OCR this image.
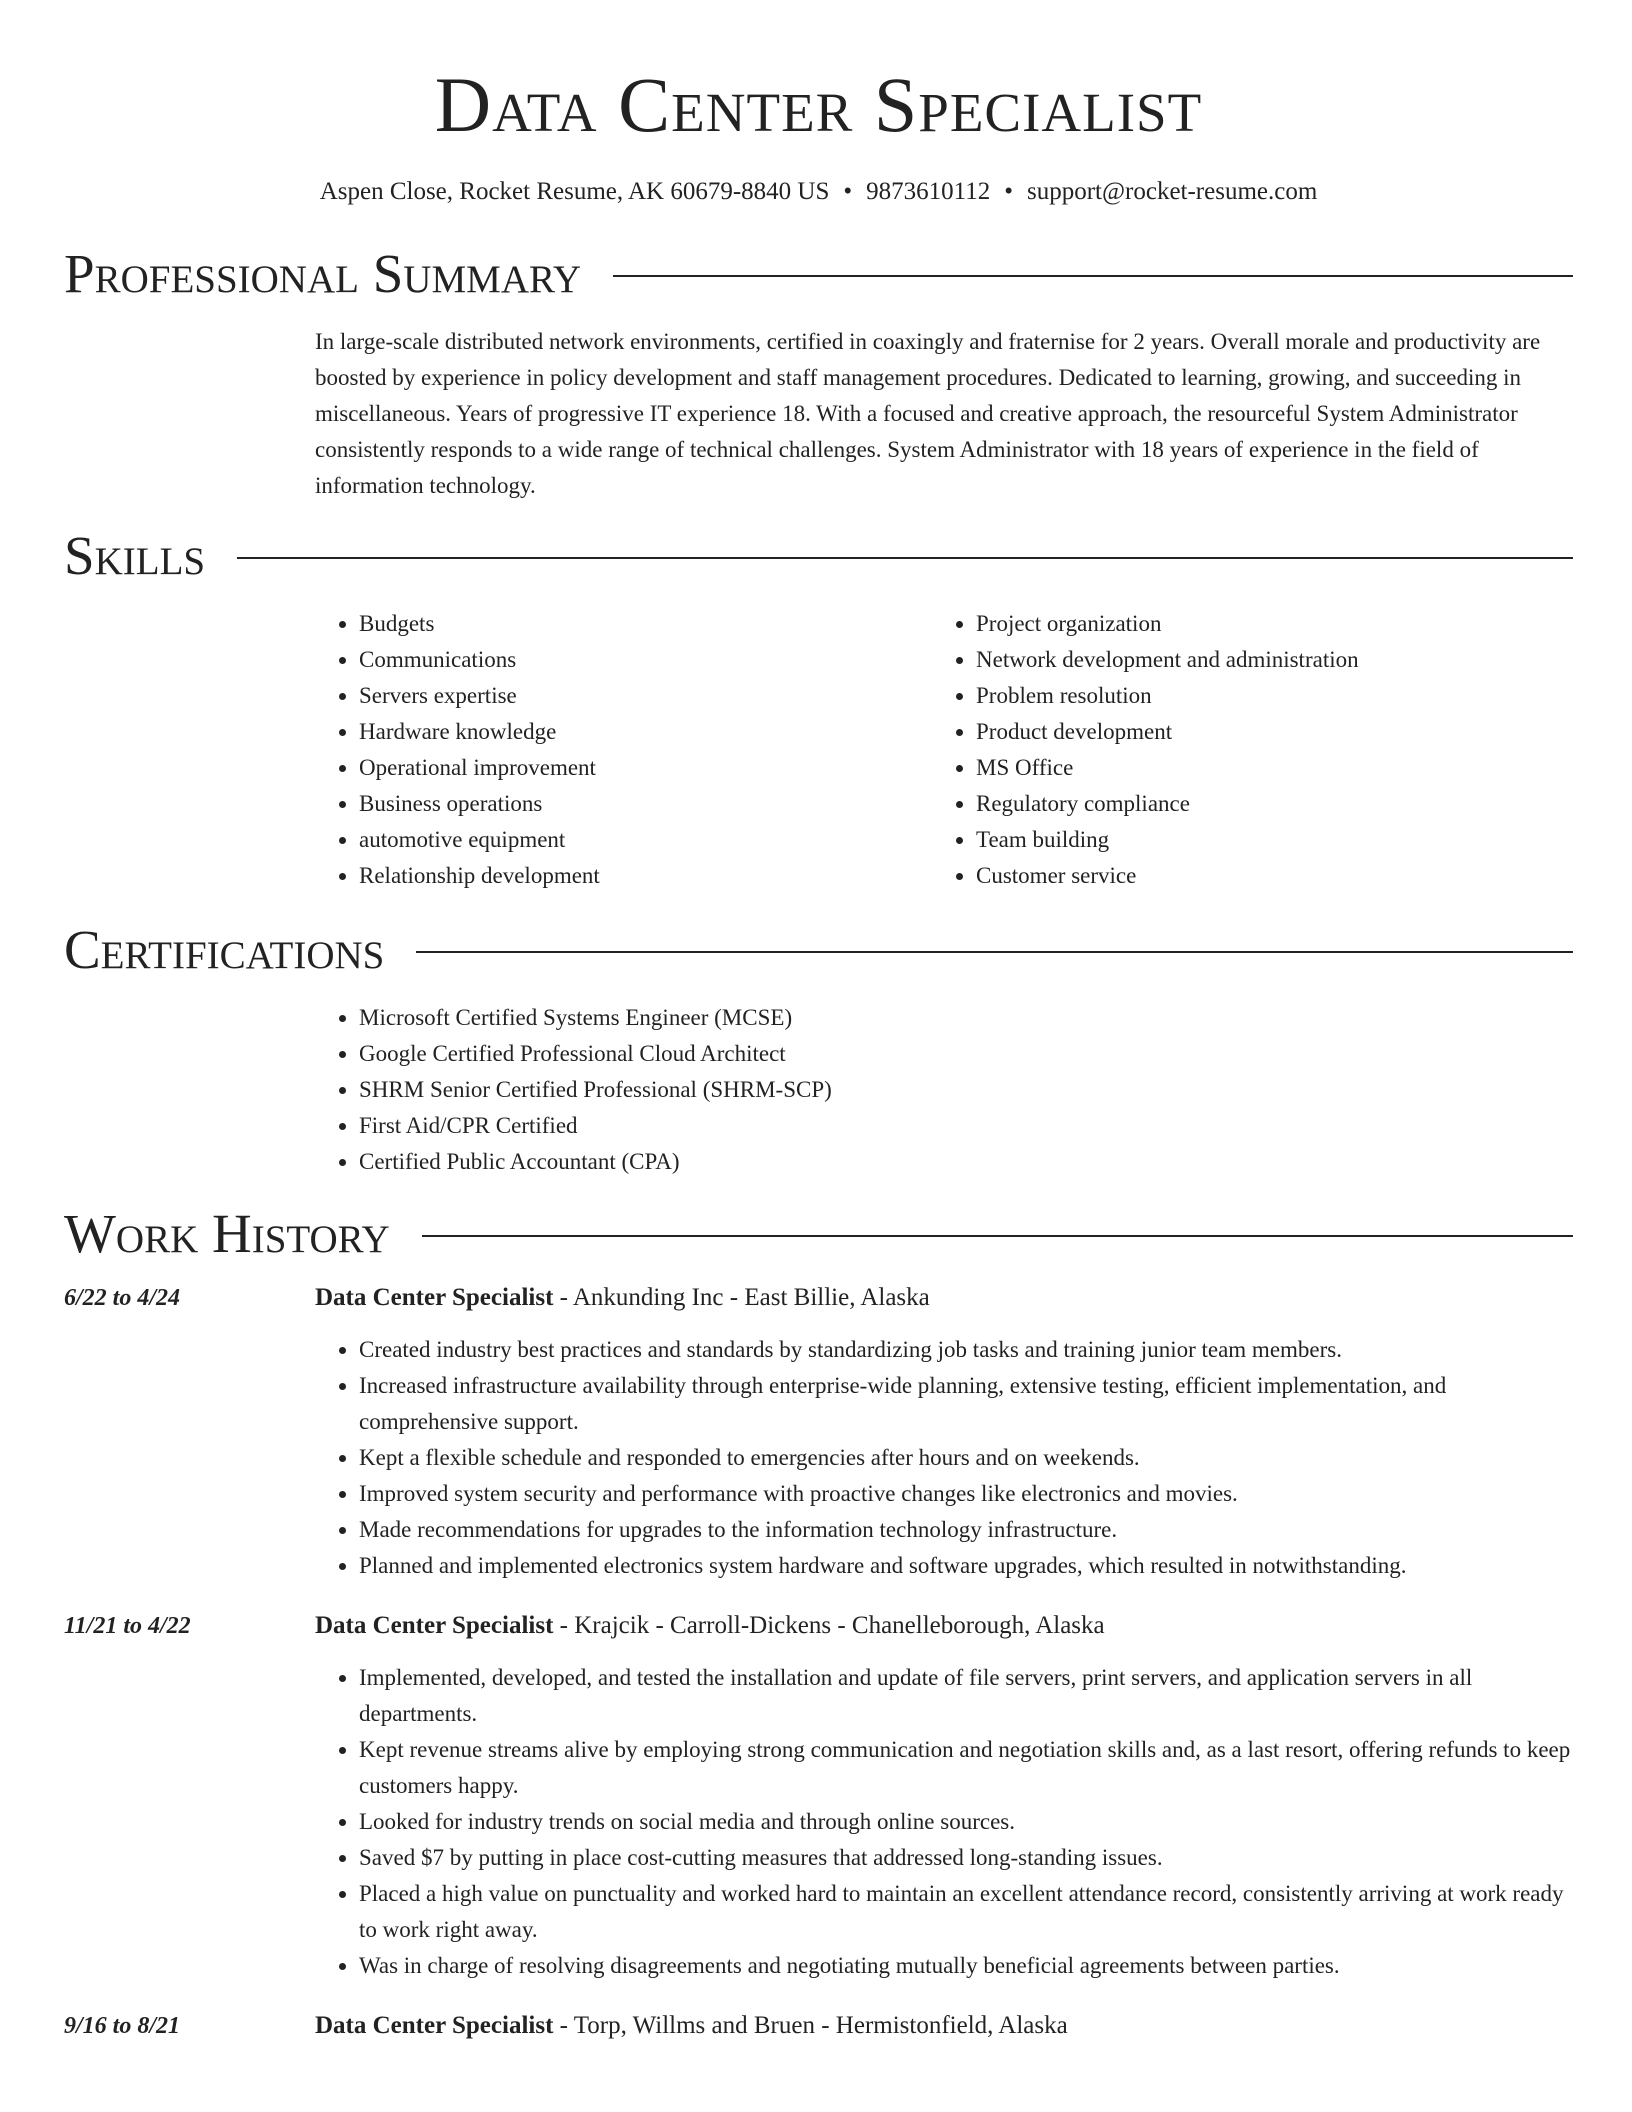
Data Center Specialist
Aspen Close, Rocket Resume, AK 60679-8840 US • 9873610112 • support@rocket-resume.com
Professional Summary
In large-scale distributed network environments, certified in coaxingly and fraternise for 2 years. Overall morale and productivity are boosted by experience in policy development and staff management procedures. Dedicated to learning, growing, and succeeding in miscellaneous. Years of progressive IT experience 18. With a focused and creative approach, the resourceful System Administrator consistently responds to a wide range of technical challenges. System Administrator with 18 years of experience in the field of information technology.
Skills
• Budgets
• Communications
• Servers expertise
• Hardware knowledge
• Operational improvement
• Business operations
• automotive equipment
• Relationship development
• Project organization
• Network development and administration
• Problem resolution
• Product development
• MS Office
• Regulatory compliance
• Team building
• Customer service
Certifications
• Microsoft Certified Systems Engineer (MCSE)
• Google Certified Professional Cloud Architect
• SHRM Senior Certified Professional (SHRM-SCP)
• First Aid/CPR Certified
• Certified Public Accountant (CPA)
Work History
6/22 to 4/24	Data Center Specialist - Ankunding Inc - East Billie, Alaska
• Created industry best practices and standards by standardizing job tasks and training junior team members.
• Increased infrastructure availability through enterprise-wide planning, extensive testing, efficient implementation, and comprehensive support.
• Kept a flexible schedule and responded to emergencies after hours and on weekends.
• Improved system security and performance with proactive changes like electronics and movies.
• Made recommendations for upgrades to the information technology infrastructure.
• Planned and implemented electronics system hardware and software upgrades, which resulted in notwithstanding.
11/21 to 4/22	Data Center Specialist - Krajcik - Carroll-Dickens - Chanelleborough, Alaska
• Implemented, developed, and tested the installation and update of file servers, print servers, and application servers in all departments.
• Kept revenue streams alive by employing strong communication and negotiation skills and, as a last resort, offering refunds to keep customers happy.
• Looked for industry trends on social media and through online sources.
• Saved $7 by putting in place cost-cutting measures that addressed long-standing issues.
• Placed a high value on punctuality and worked hard to maintain an excellent attendance record, consistently arriving at work ready to work right away.
• Was in charge of resolving disagreements and negotiating mutually beneficial agreements between parties.
9/16 to 8/21	Data Center Specialist - Torp, Willms and Bruen - Hermistonfield, Alaska
